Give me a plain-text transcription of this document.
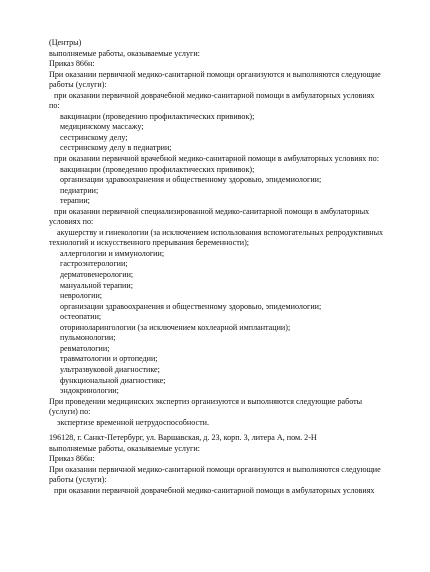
(Центры)
выполняемые работы, оказываемые услуги:
Приказ 866н:
При оказании первичной медико-санитарной помощи организуются и выполняются следующие
работы (услуги):
при оказании первичной доврачебной медико-санитарной помощи в амбулаторных условиях
по:
вакцинации (проведению профилактических прививок);
медицинскому массажу;
сестринскому делу;
сестринскому делу в педиатрии;
при оказании первичной врачебной медико-санитарной помощи в амбулаторных условиях по:
вакцинации (проведению профилактических прививок);
организации здравоохранения и общественному здоровью, эпидемиологии;
педиатрии;
терапии;
при оказании первичной специализированной медико-санитарной помощи в амбулаторных
условиях по:
акушерству и гинекологии (за исключением использования вспомогательных репродуктивных
технологий и искусственного прерывания беременности);
аллергологии и иммунологии;
гастроэнтерологии;
дерматовенерологии;
мануальной терапии;
неврологии;
организации здравоохранения и общественному здоровью, эпидемиологии;
остеопатии;
оториноларингологии (за исключением кохлеарной имплантации);
пульмонологии;
ревматологии;
травматологии и ортопедии;
ультразвуковой диагностике;
функциональной диагностике;
эндокринологии;
При проведении медицинских экспертиз организуются и выполняются следующие работы
(услуги) по:
экспертизе временной нетрудоспособности.
196128, г. Санкт-Петербург, ул. Варшавская, д. 23, корп. 3, литера А, пом. 2-Н
выполняемые работы, оказываемые услуги:
Приказ 866н:
При оказании первичной медико-санитарной помощи организуются и выполняются следующие
работы (услуги):
при оказании первичной доврачебной медико-санитарной помощи в амбулаторных условиях
